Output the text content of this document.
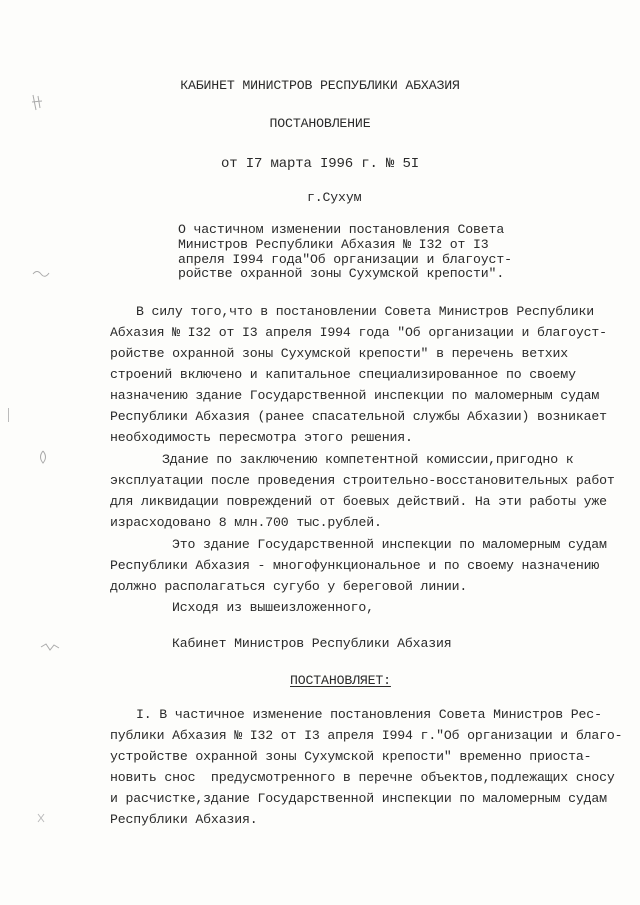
КАБИНЕТ МИНИСТРОВ РЕСПУБЛИКИ АБХАЗИЯ
ПОСТАНОВЛЕНИЕ
от I7 марта I996 г. № 5I
г.Сухум
О частичном изменении постановления Совета
Министров Республики Абхазия № I32 от I3
апреля I994 года"Об организации и благоуст-
ройстве охранной зоны Сухумской крепости".
В силу того,что в постановлении Совета Министров Республики
Абхазия № I32 от I3 апреля I994 года "Об организации и благоуст-
ройстве охранной зоны Сухумской крепости" в перечень ветхих
строений включено и капитальное специализированное по своему
назначению здание Государственной инспекции по маломерным судам
Республики Абхазия (ранее спасательной службы Абхазии) возникает
необходимость пересмотра этого решения.
Здание по заключению компетентной комиссии,пригодно к
эксплуатации после проведения строительно-восстановительных работ
для ликвидации повреждений от боевых действий. На эти работы уже
израсходовано 8 млн.700 тыс.рублей.
Это здание Государственной инспекции по маломерным судам
Республики Абхазия - многофункциональное и по своему назначению
должно располагаться сугубо у береговой линии.
Исходя из вышеизложенного,
Кабинет Министров Республики Абхазия
ПОСТАНОВЛЯЕТ:
I. В частичное изменение постановления Совета Министров Рес-
публики Абхазия № I32 от I3 апреля I994 г."Об организации и благо-
устройстве охранной зоны Сухумской крепости" временно приоста-
новить снос  предусмотренного в перечне объектов,подлежащих сносу
и расчистке,здание Государственной инспекции по маломерным судам
Республики Абхазия.
